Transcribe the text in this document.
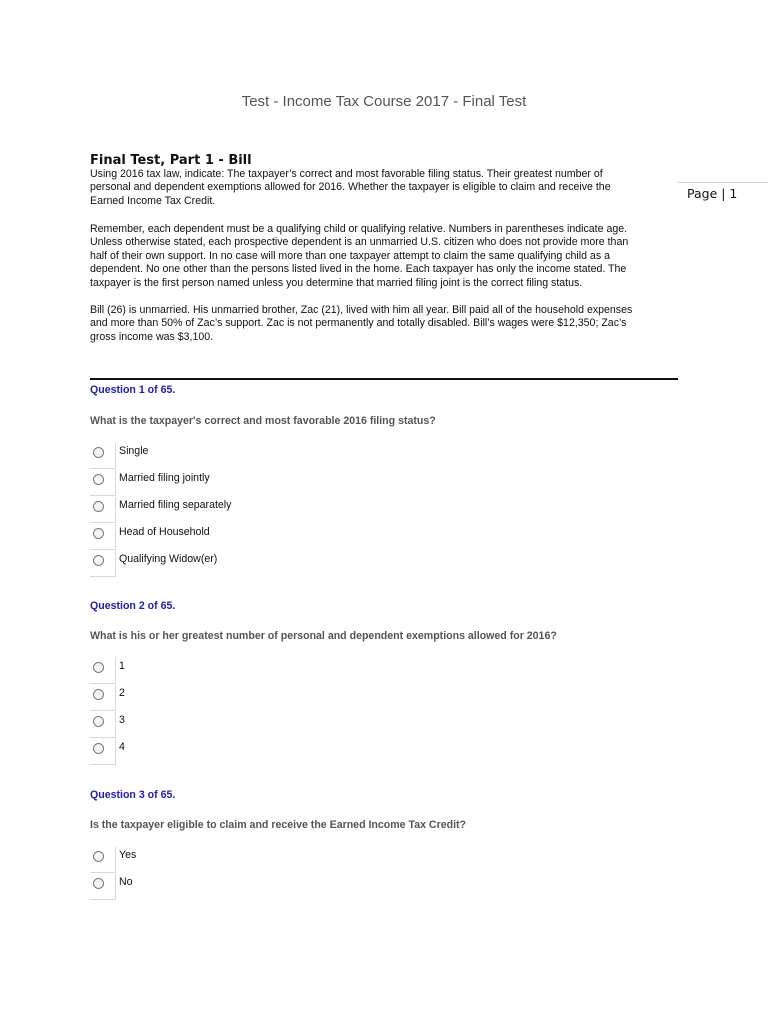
Test - Income Tax Course 2017 - Final Test
Final Test, Part 1 - Bill
Page | 1

Using 2016 tax law, indicate: The taxpayer’s correct and most favorable filing status. Their greatest number of
personal and dependent exemptions allowed for 2016. Whether the taxpayer is eligible to claim and receive the
Earned Income Tax Credit.

Remember, each dependent must be a qualifying child or qualifying relative. Numbers in parentheses indicate age.
Unless otherwise stated, each prospective dependent is an unmarried U.S. citizen who does not provide more than
half of their own support. In no case will more than one taxpayer attempt to claim the same qualifying child as a
dependent. No one other than the persons listed lived in the home. Each taxpayer has only the income stated. The
taxpayer is the first person named unless you determine that married filing joint is the correct filing status.

Bill (26) is unmarried. His unmarried brother, Zac (21), lived with him all year. Bill paid all of the household expenses
and more than 50% of Zac’s support. Zac is not permanently and totally disabled. Bill’s wages were $12,350; Zac’s
gross income was $3,100.

Question 1 of 65.
What is the taxpayer's correct and most favorable 2016 filing status?
Single
Married filing jointly
Married filing separately
Head of Household
Qualifying Widow(er)
Question 2 of 65.
What is his or her greatest number of personal and dependent exemptions allowed for 2016?
1
2
3
4
Question 3 of 65.
Is the taxpayer eligible to claim and receive the Earned Income Tax Credit?
Yes
No
